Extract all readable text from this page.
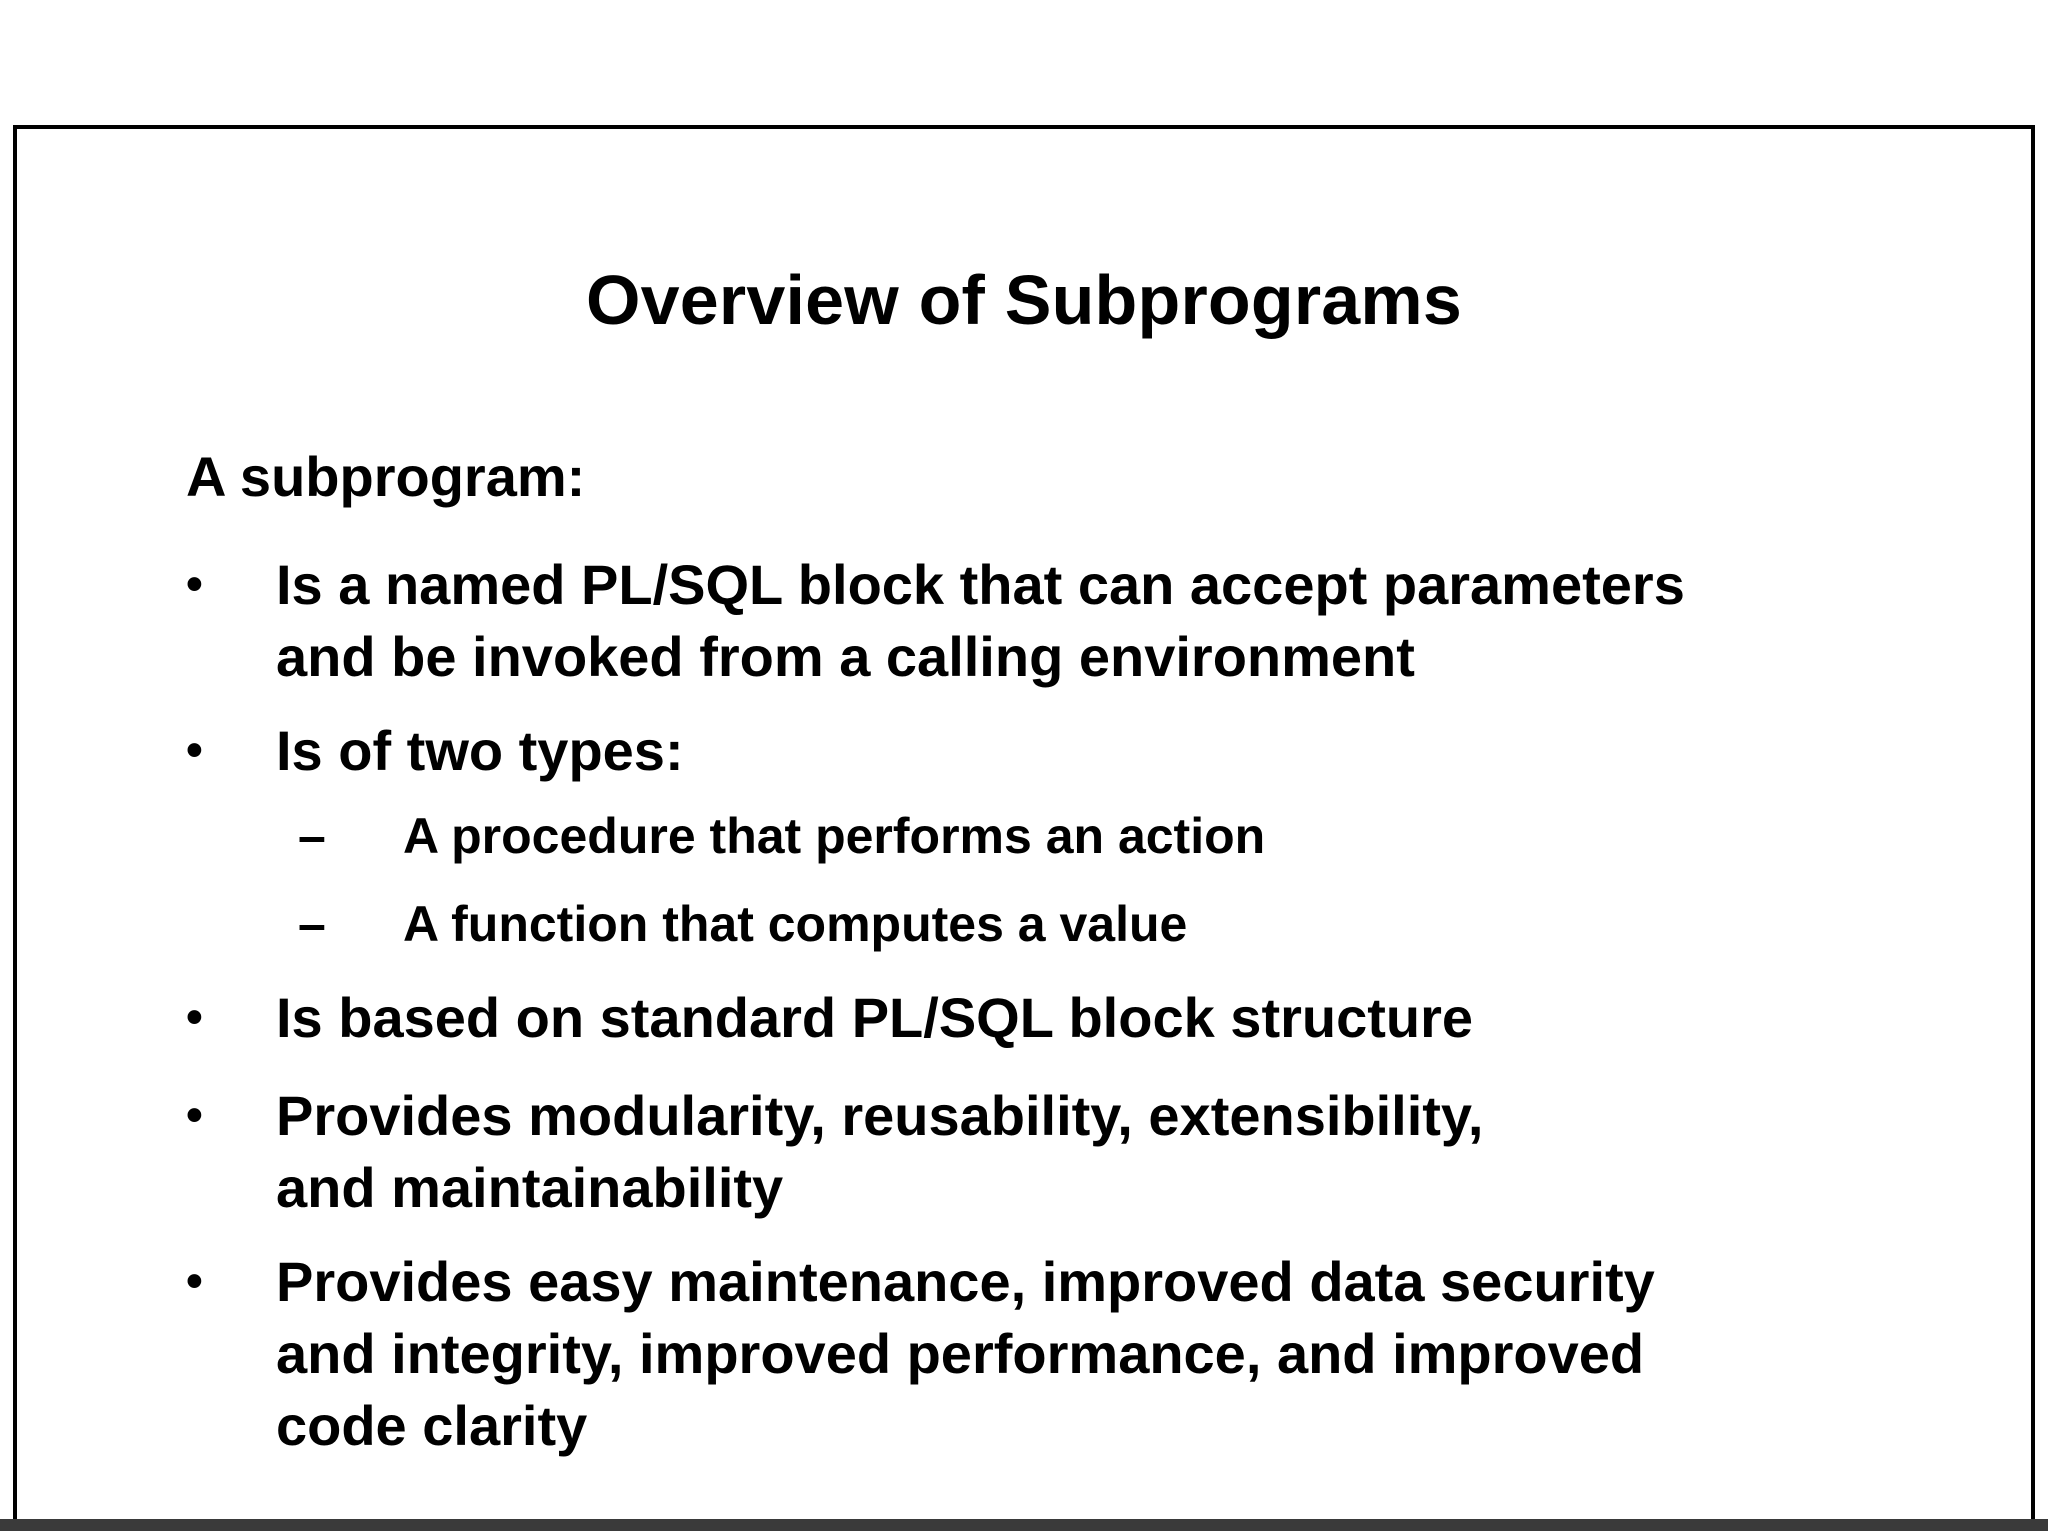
Overview of Subprograms

A subprogram:

•	Is a named PL/SQL block that can accept parameters
and be invoked from a calling environment
•	Is of two types:
– A procedure that performs an action
– A function that computes a value
•	Is based on standard PL/SQL block structure
•	Provides modularity, reusability, extensibility,
and maintainability
•	Provides easy maintenance, improved data security
and integrity, improved performance, and improved
code clarity
